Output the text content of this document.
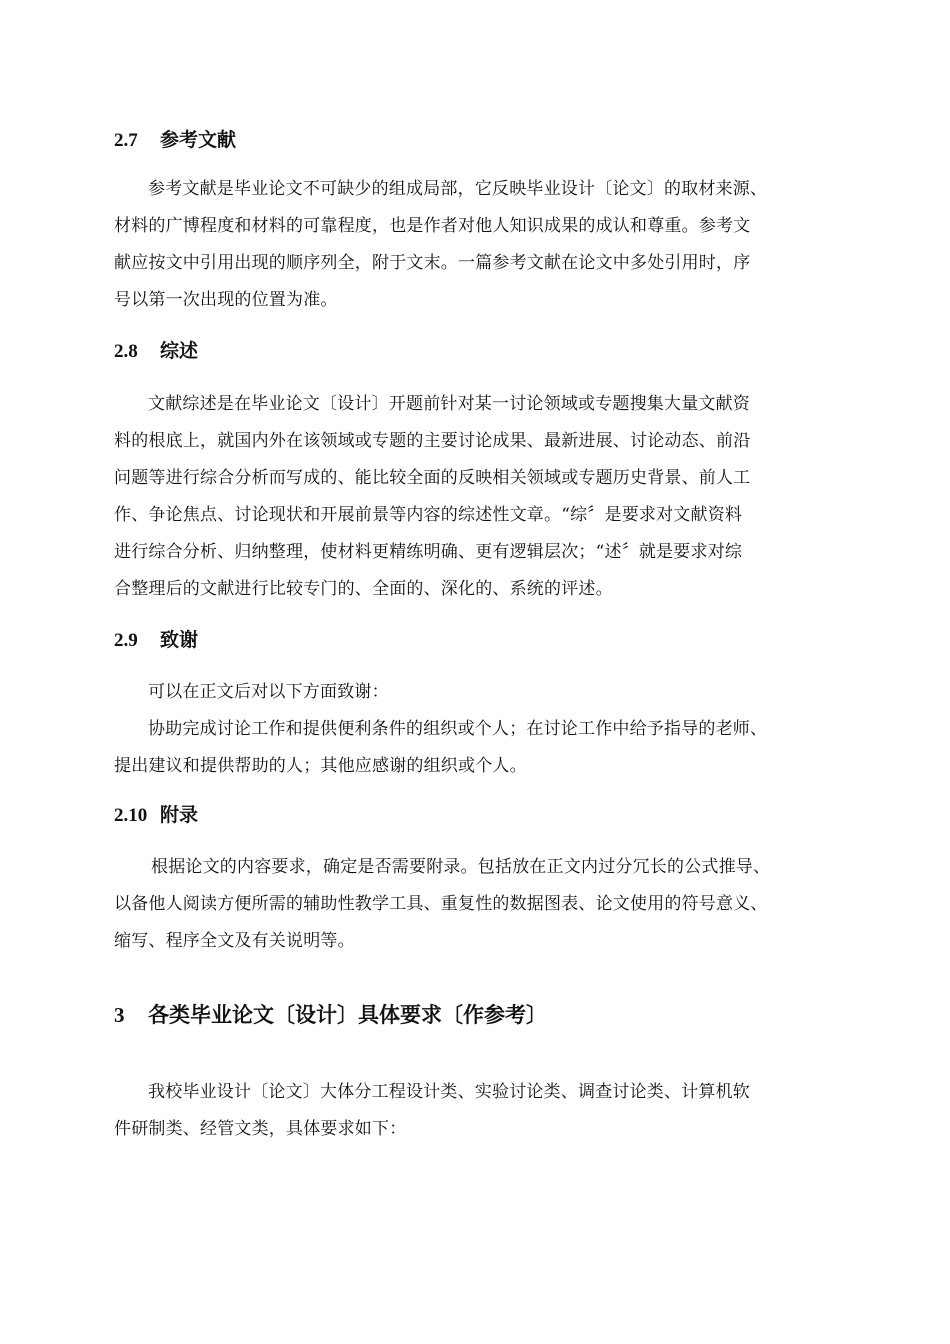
2.7 参考文献
参考文献是毕业论文不可缺少的组成局部，它反映毕业设计〔论文〕的取材来源、
材料的广博程度和材料的可靠程度，也是作者对他人知识成果的成认和尊重。参考文
献应按文中引用出现的顺序列全，附于文末。一篇参考文献在论文中多处引用时，序
号以第一次出现的位置为准。
2.8 综述
文献综述是在毕业论文〔设计〕开题前针对某一讨论领域或专题搜集大量文献资
料的根底上，就国内外在该领域或专题的主要讨论成果、最新进展、讨论动态、前沿
问题等进行综合分析而写成的、能比较全面的反映相关领域或专题历史背景、前人工
作、争论焦点、讨论现状和开展前景等内容的综述性文章。“综〞是要求对文献资料
进行综合分析、归纳整理，使材料更精练明确、更有逻辑层次；“述〞就是要求对综
合整理后的文献进行比较专门的、全面的、深化的、系统的评述。
2.9 致谢
可以在正文后对以下方面致谢：
协助完成讨论工作和提供便利条件的组织或个人；在讨论工作中给予指导的老师、
提出建议和提供帮助的人；其他应感谢的组织或个人。
2.10 附录
根据论文的内容要求，确定是否需要附录。包括放在正文内过分冗长的公式推导、
以备他人阅读方便所需的辅助性教学工具、重复性的数据图表、论文使用的符号意义、
缩写、程序全文及有关说明等。
3 各类毕业论文〔设计〕具体要求〔作参考〕
我校毕业设计〔论文〕大体分工程设计类、实验讨论类、调查讨论类、计算机软
件研制类、经管文类，具体要求如下：
